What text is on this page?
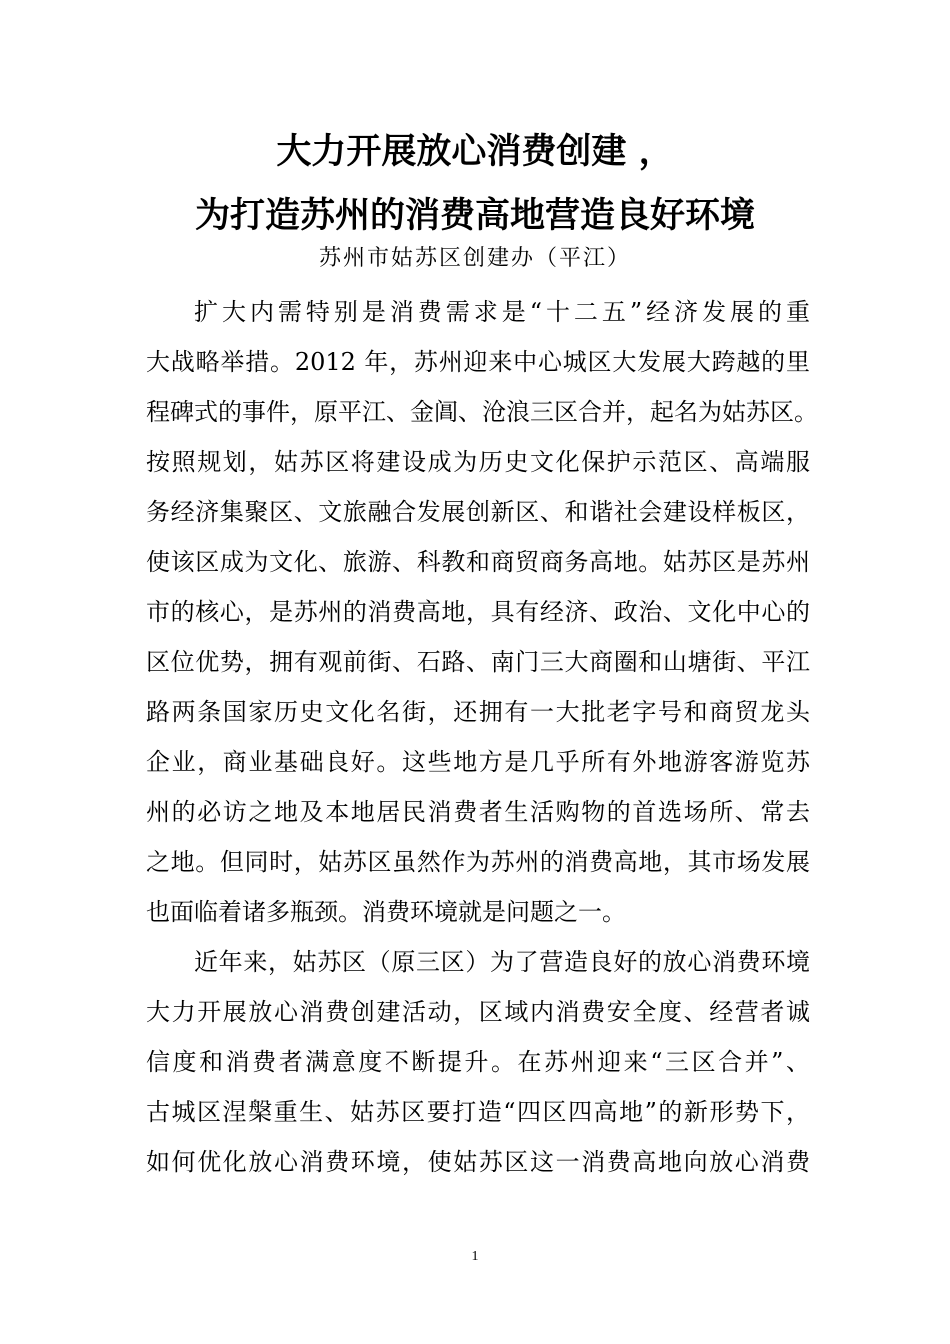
大力开展放心消费创建 ，
为打造苏州的消费高地营造良好环境
苏州市姑苏区创建办（平江）
扩大内需特别是消费需求是“十二五”经济发展的重
大战略举措。2012 年，苏州迎来中心城区大发展大跨越的里
程碑式的事件，原平江、金阊、沧浪三区合并，起名为姑苏区。
按照规划，姑苏区将建设成为历史文化保护示范区、高端服
务经济集聚区、文旅融合发展创新区、和谐社会建设样板区，
使该区成为文化、旅游、科教和商贸商务高地。姑苏区是苏州
市的核心，是苏州的消费高地，具有经济、政治、文化中心的
区位优势，拥有观前街、石路、南门三大商圈和山塘街、平江
路两条国家历史文化名街，还拥有一大批老字号和商贸龙头
企业，商业基础良好。这些地方是几乎所有外地游客游览苏
州的必访之地及本地居民消费者生活购物的首选场所、常去
之地。但同时，姑苏区虽然作为苏州的消费高地，其市场发展
也面临着诸多瓶颈。消费环境就是问题之一。
近年来，姑苏区（原三区）为了营造良好的放心消费环境
大力开展放心消费创建活动，区域内消费安全度、经营者诚
信度和消费者满意度不断提升。在苏州迎来“三区合并”、
古城区涅槃重生、姑苏区要打造“四区四高地”的新形势下，
如何优化放心消费环境，使姑苏区这一消费高地向放心消费
1
